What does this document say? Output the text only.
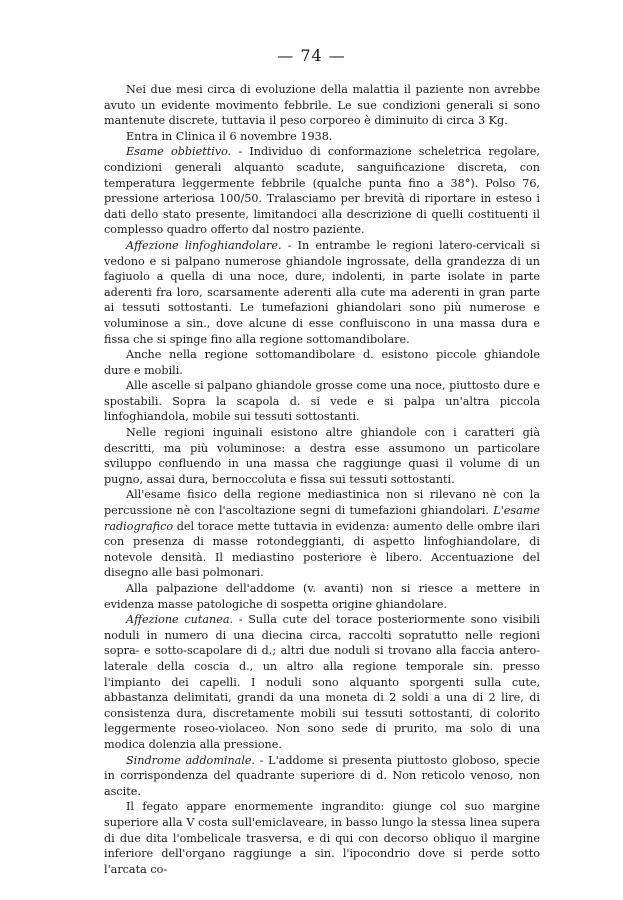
— 74 —

Nei due mesi circa di evoluzione della malattia il paziente non avrebbe avuto un evidente movimento febbrile. Le sue condizioni generali si sono mantenute discrete, tuttavia il peso corporeo è diminuito di circa 3 Kg.

Entra in Clinica il 6 novembre 1938.

Esame obbiettivo. - Individuo di conformazione scheletrica regolare, condizioni generali alquanto scadute, sanguificazione discreta, con temperatura leggermente febbrile (qualche punta fino a 38°). Polso 76, pressione arteriosa 100/50. Tralasciamo per brevità di riportare in esteso i dati dello stato presente, limitandoci alla descrizione di quelli costituenti il complesso quadro offerto dal nostro paziente.

Affezione linfoghiandolare. - In entrambe le regioni latero-cervicali si vedono e si palpano numerose ghiandole ingrossate, della grandezza di un fagiuolo a quella di una noce, dure, indolenti, in parte isolate in parte aderenti fra loro, scarsamente aderenti alla cute ma aderenti in gran parte ai tessuti sottostanti. Le tumefazioni ghiandolari sono più numerose e voluminose a sin., dove alcune di esse confluiscono in una massa dura e fissa che si spinge fino alla regione sottomandibolare.

Anche nella regione sottomandibolare d. esistono piccole ghiandole dure e mobili.

Alle ascelle si palpano ghiandole grosse come una noce, piuttosto dure e spostabili. Sopra la scapola d. si vede e si palpa un'altra piccola linfoghiandola, mobile sui tessuti sottostanti.

Nelle regioni inguinali esistono altre ghiandole con i caratteri già descritti, ma più voluminose: a destra esse assumono un particolare sviluppo confluendo in una massa che raggiunge quasi il volume di un pugno, assai dura, bernoccoluta e fissa sui tessuti sottostanti.

All'esame fisico della regione mediastinica non si rilevano nè con la percussione nè con l'ascoltazione segni di tumefazioni ghiandolari. L'esame radiografico del torace mette tuttavia in evidenza: aumento delle ombre ilari con presenza di masse rotondeggianti, di aspetto linfoghiandolare, di notevole densità. Il mediastino posteriore è libero. Accentuazione del disegno alle basi polmonari.

Alla palpazione dell'addome (v. avanti) non si riesce a mettere in evidenza masse patologiche di sospetta origine ghiandolare.

Affezione cutanea. - Sulla cute del torace posteriormente sono visibili noduli in numero di una diecina circa, raccolti sopratutto nelle regioni sopra- e sotto-scapolare di d.; altri due noduli si trovano alla faccia antero-laterale della coscia d., un altro alla regione temporale sin. presso l'impianto dei capelli. I noduli sono alquanto sporgenti sulla cute, abbastanza delimitati, grandi da una moneta di 2 soldi a una di 2 lire, di consistenza dura, discretamente mobili sui tessuti sottostanti, di colorito leggermente roseo-violaceo. Non sono sede di prurito, ma solo di una modica dolenzia alla pressione.

Sindrome addominale. - L'addome si presenta piuttosto globoso, specie in corrispondenza del quadrante superiore di d. Non reticolo venoso, non ascite.

Il fegato appare enormemente ingrandito: giunge col suo margine superiore alla V costa sull'emiclaveare, in basso lungo la stessa linea supera di due dita l'ombelicale trasversa, e di qui con decorso obliquo il margine inferiore dell'organo raggiunge a sin. l'ipocondrio dove si perde sotto l'arcata co-
